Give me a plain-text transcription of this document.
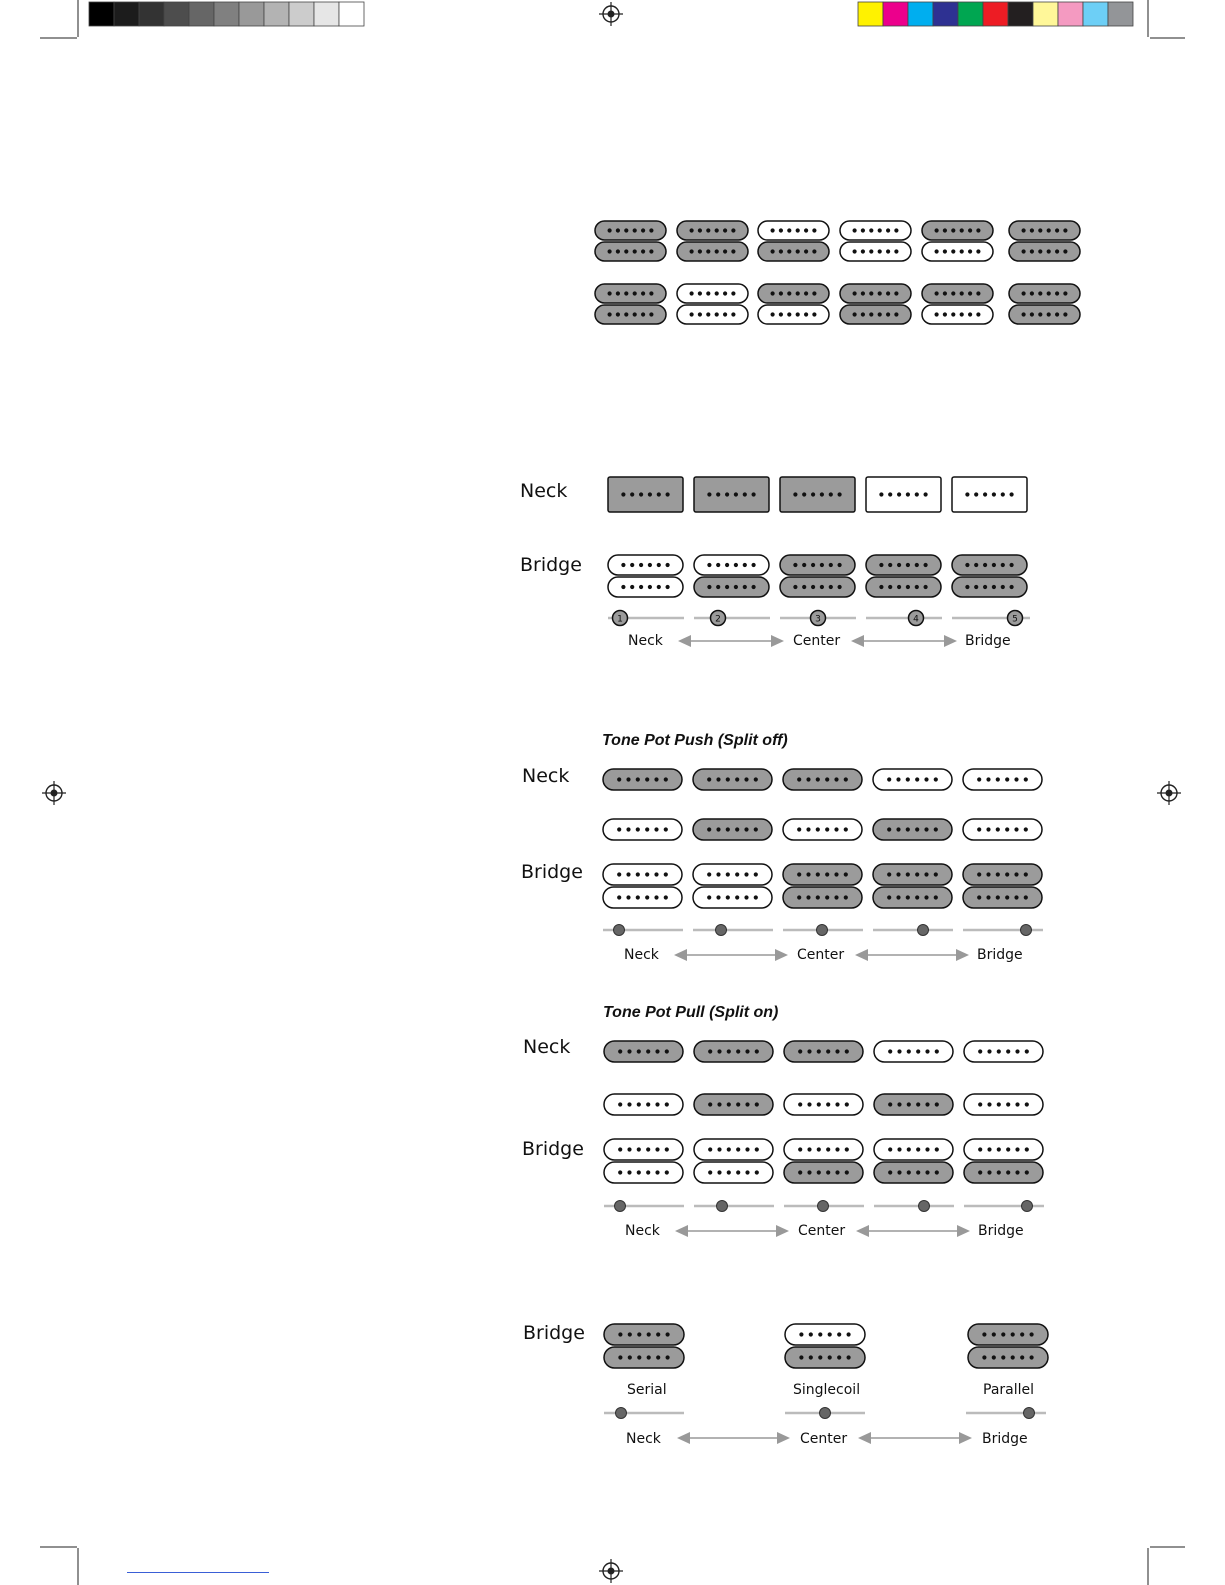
1	2	3	4	5
Neck
Bridge
Neck	Center	Bridge
Tone Pot Push (Split off)
Neck
Bridge
Neck	Center	Bridge
Tone Pot Pull (Split on)
Neck
Bridge
Neck	Center	Bridge
Bridge
Serial	Singlecoil	Parallel
Neck	Center	Bridge
